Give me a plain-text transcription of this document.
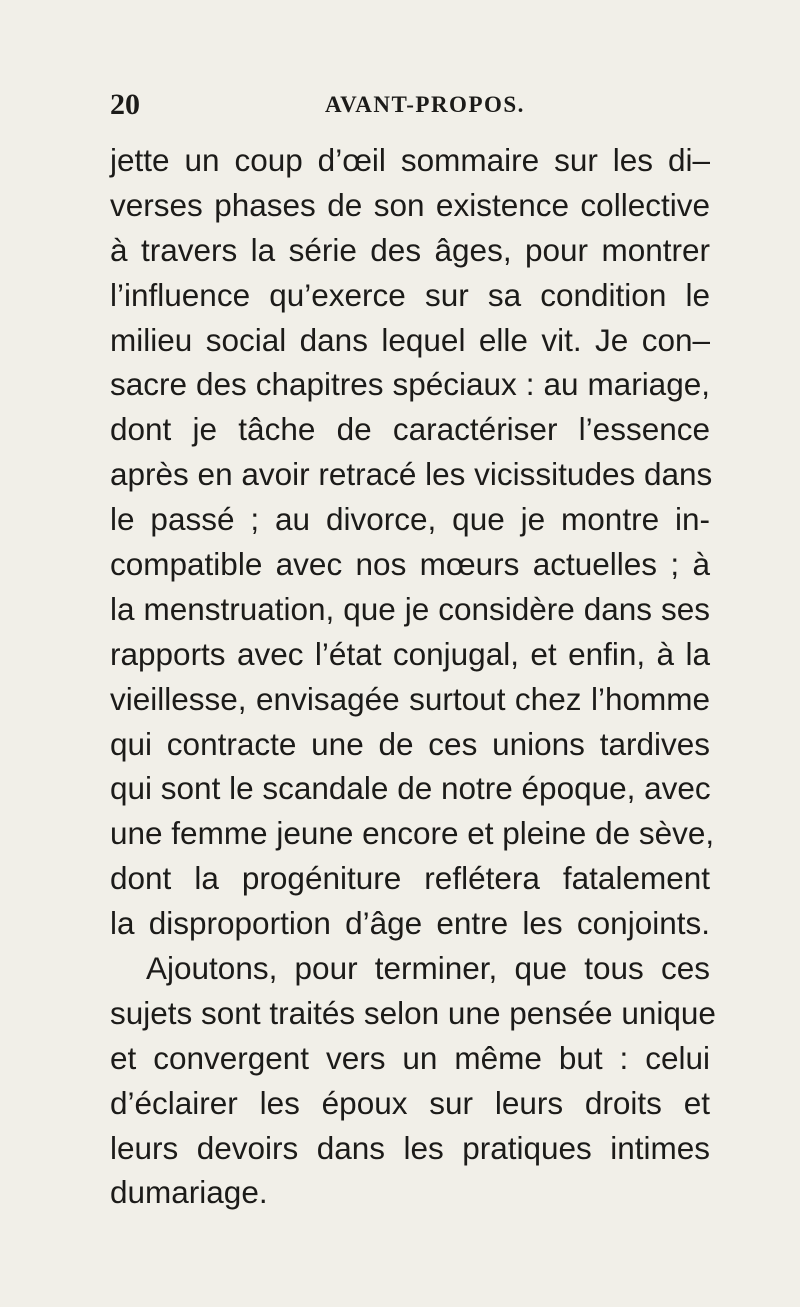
20	AVANT-PROPOS.
jette un coup d’œil sommaire sur les di–
verses phases de son existence collective
à travers la série des âges, pour montrer
l’influence qu’exerce sur sa condition le
milieu social dans lequel elle vit. Je con–
sacre des chapitres spéciaux : au mariage,
dont je tâche de caractériser l’essence
après en avoir retracé les vicissitudes dans
le passé ; au divorce, que je montre in-
compatible avec nos mœurs actuelles ; à
la menstruation, que je considère dans ses
rapports avec l’état conjugal, et enfin, à la
vieillesse, envisagée surtout chez l’homme
qui contracte une de ces unions tardives
qui sont le scandale de notre époque, avec
une femme jeune encore et pleine de sève,
dont la progéniture reflétera fatalement
la disproportion d’âge entre les conjoints.
Ajoutons, pour terminer, que tous ces
sujets sont traités selon une pensée unique
et convergent vers un même but : celui
d’éclairer les époux sur leurs droits et
leurs devoirs dans les pratiques intimes
dumariage.
